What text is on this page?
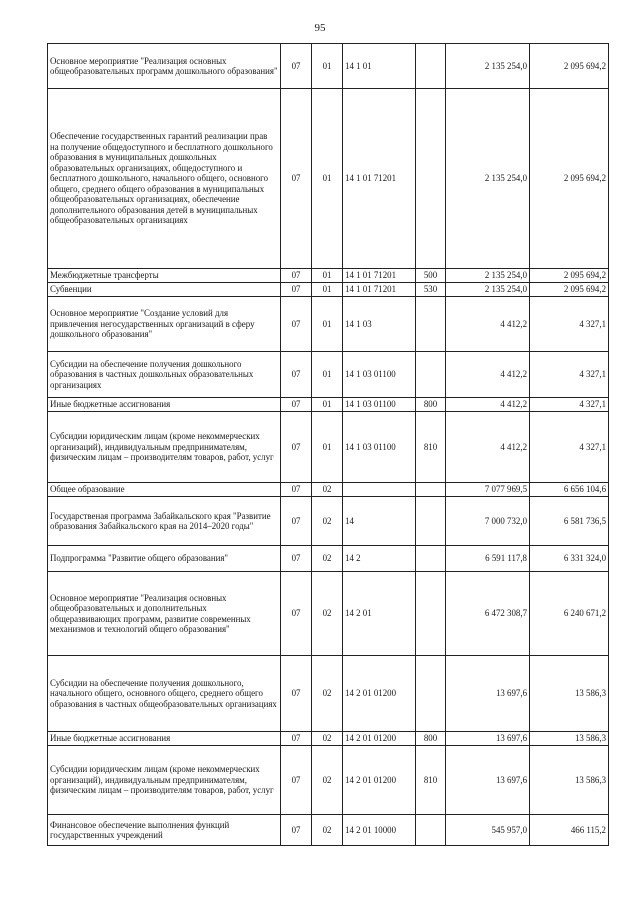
95
Основное мероприятие "Реализация основных общеобразовательных программ дошкольного образования"	07	01	14 1 01		2 135 254,0	2 095 694,2
Обеспечение государственных гарантий реализации прав на получение общедоступного и бесплатного дошкольного образования в муниципальных дошкольных образовательных организациях, общедоступного и бесплатного дошкольного, начального общего, основного общего, среднего общего образования в муниципальных общеобразовательных организациях, обеспечение дополнительного образования детей в муниципальных общеобразовательных организациях	07	01	14 1 01 71201		2 135 254,0	2 095 694,2
Межбюджетные трансферты	07	01	14 1 01 71201	500	2 135 254,0	2 095 694,2
Субвенции	07	01	14 1 01 71201	530	2 135 254,0	2 095 694,2
Основное мероприятие "Создание условий для привлечения негосударственных организаций в сферу дошкольного образования"	07	01	14 1 03		4 412,2	4 327,1
Субсидии на обеспечение получения дошкольного образования в частных дошкольных образовательных организациях	07	01	14 1 03 01100		4 412,2	4 327,1
Иные бюджетные ассигнования	07	01	14 1 03 01100	800	4 412,2	4 327,1
Субсидии юридическим лицам (кроме некоммерческих организаций), индивидуальным предпринимателям, физическим лицам – производителям товаров, работ, услуг	07	01	14 1 03 01100	810	4 412,2	4 327,1
Общее образование	07	02			7 077 969,5	6 656 104,6
Государственая программа Забайкальского края "Развитие образования Забайкальского края на 2014–2020 годы"	07	02	14		7 000 732,0	6 581 736,5
Подпрограмма "Развитие общего образования"	07	02	14 2		6 591 117,8	6 331 324,0
Основное мероприятие "Реализация основных общеобразовательных и дополнительных общеразвивающих программ, развитие современных механизмов и технологий общего образования"	07	02	14 2 01		6 472 308,7	6 240 671,2
Субсидии на обеспечение получения дошкольного, начального общего, основного общего, среднего общего образования в частных общеобразовательных организациях	07	02	14 2 01 01200		13 697,6	13 586,3
Иные бюджетные ассигнования	07	02	14 2 01 01200	800	13 697,6	13 586,3
Субсидии юридическим лицам (кроме некоммерческих организаций), индивидуальным предпринимателям, физическим лицам – производителям товаров, работ, услуг	07	02	14 2 01 01200	810	13 697,6	13 586,3
Финансовое обеспечение выполнения функций государственных учреждений	07	02	14 2 01 10000		545 957,0	466 115,2
